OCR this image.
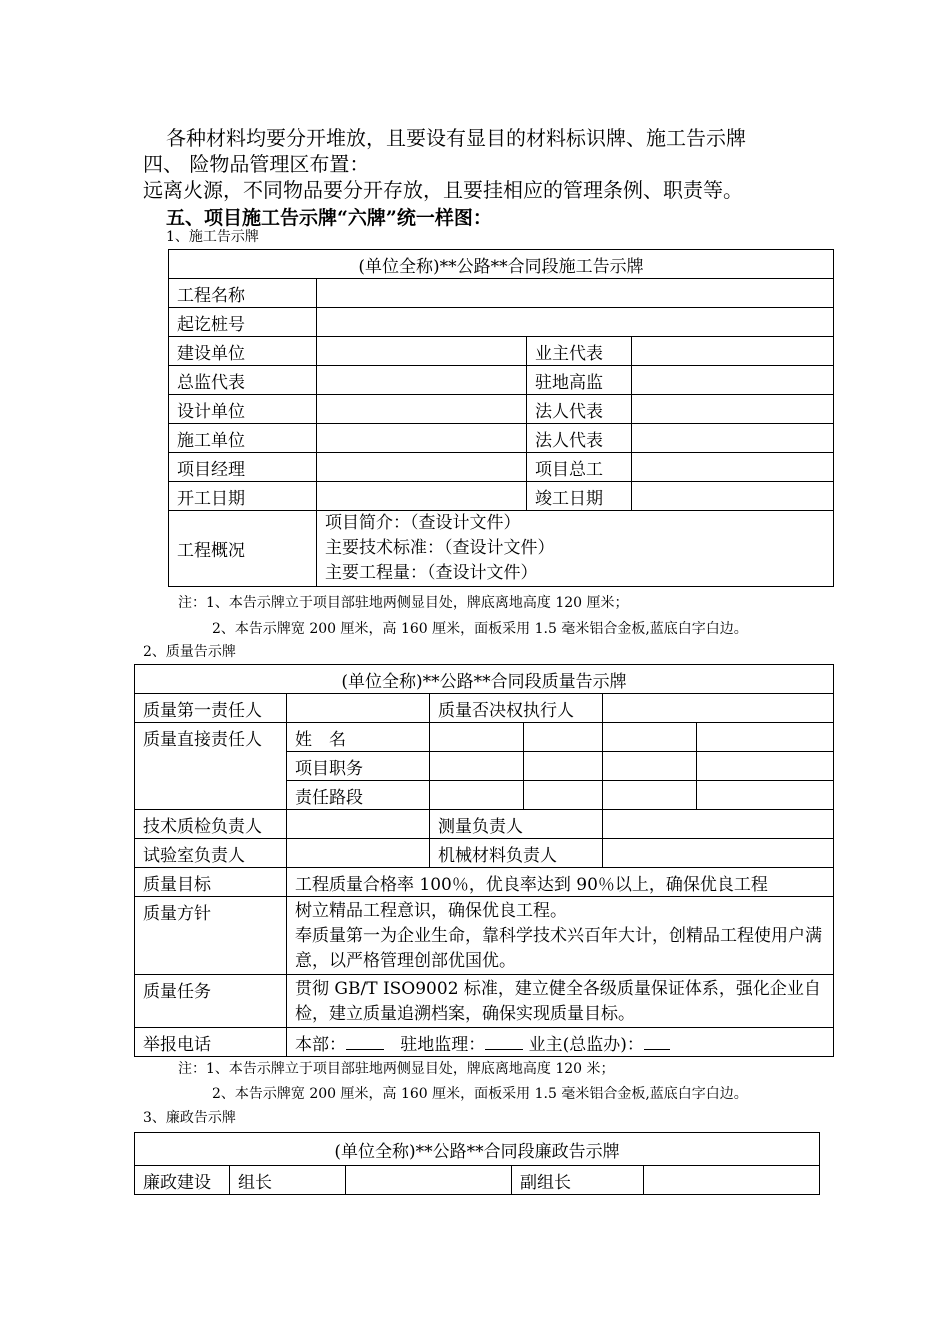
各种材料均要分开堆放，且要设有显目的材料标识牌、施工告示牌
四、 险物品管理区布置：
远离火源，不同物品要分开存放，且要挂相应的管理条例、职责等。
五、项目施工告示牌“六牌”统一样图：
1、施工告示牌
(单位全称)**公路**合同段施工告示牌			
工程名称			
起讫桩号			
建设单位		业主代表	
总监代表		驻地高监	
设计单位		法人代表	
施工单位		法人代表	
项目经理		项目总工	
开工日期		竣工日期	
工程概况	项目简介：（查设计文件）
主要技术标准：（查设计文件）
主要工程量：（查设计文件）		
注：1、本告示牌立于项目部驻地两侧显目处，牌底离地高度 120 厘米；
2、本告示牌宽 200 厘米，高 160 厘米，面板采用 1.5 毫米铝合金板,蓝底白字白边。
2、质量告示牌
(单位全称)**公路**合同段质量告示牌					
质量第一责任人		质量否决权执行人			
质量直接责任人	姓　名				
	项目职务				
	责任路段				
技术质检负责人		测量负责人			
试验室负责人		机械材料负责人			
质量目标	工程质量合格率 100％，优良率达到 90％以上，确保优良工程				
质量方针	树立精品工程意识，确保优良工程。
奉质量第一为企业生命，靠科学技术兴百年大计，创精品工程使用户满意，以严格管理创部优国优。				

质量任务	贯彻 GB/T ISO9002 标准，建立健全各级质量保证体系，强化企业自检，建立质量追溯档案，确保实现质量目标。				
举报电话	本部： 驻地监理： 业主(总监办)：				
注：1、本告示牌立于项目部驻地两侧显目处，牌底离地高度 120 米；
2、本告示牌宽 200 厘米，高 160 厘米，面板采用 1.5 毫米铝合金板,蓝底白字白边。
3、廉政告示牌
(单位全称)**公路**合同段廉政告示牌
廉政建设	组长		副组长	
